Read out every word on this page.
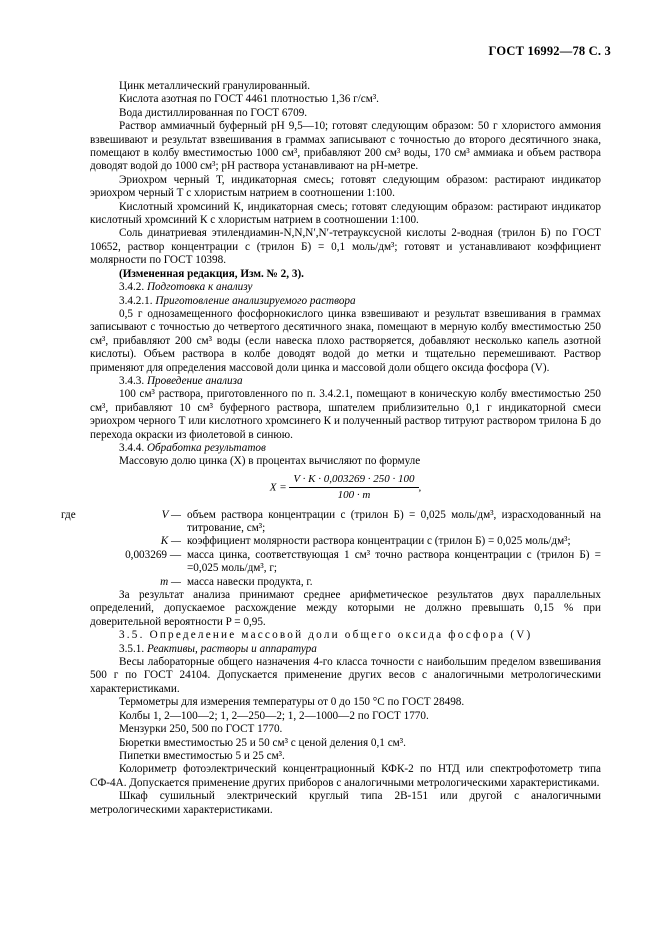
ГОСТ 16992—78 С. 3

Цинк металлический гранулированный.

Кислота азотная по ГОСТ 4461 плотностью 1,36 г/см³.

Вода дистиллированная по ГОСТ 6709.

Раствор аммиачный буферный рН 9,5—10; готовят следующим образом: 50 г хлористого аммония взвешивают и результат взвешивания в граммах записывают с точностью до второго десятичного знака, помещают в колбу вместимостью 1000 см³, прибавляют 200 см³ воды, 170 см³ аммиака и объем раствора доводят водой до 1000 см³; рН раствора устанавливают на рН-метре.

Эриохром черный Т, индикаторная смесь; готовят следующим образом: растирают индикатор эриохром черный Т с хлористым натрием в соотношении 1:100.

Кислотный хромсиний К, индикаторная смесь; готовят следующим образом: растирают индикатор кислотный хромсиний К с хлористым натрием в соотношении 1:100.

Соль динатриевая этилендиамин-N,N,N′,N′-тетрауксусной кислоты 2-водная (трилон Б) по ГОСТ 10652, раствор концентрации c (трилон Б) = 0,1 моль/дм³; готовят и устанавливают коэффициент молярности по ГОСТ 10398.

(Измененная редакция, Изм. № 2, 3).

3.4.2. Подготовка к анализу

3.4.2.1. Приготовление анализируемого раствора

0,5 г однозамещенного фосфорнокислого цинка взвешивают и результат взвешивания в граммах записывают с точностью до четвертого десятичного знака, помещают в мерную колбу вместимостью 250 см³, прибавляют 200 см³ воды (если навеска плохо растворяется, добавляют несколько капель азотной кислоты). Объем раствора в колбе доводят водой до метки и тщательно перемешивают. Раствор применяют для определения массовой доли цинка и массовой доли общего оксида фосфора (V).

3.4.3. Проведение анализа

100 см³ раствора, приготовленного по п. 3.4.2.1, помещают в коническую колбу вместимостью 250 см³, прибавляют 10 см³ буферного раствора, шпателем приблизительно 0,1 г индикаторной смеси эриохром черного Т или кислотного хромсинего К и полученный раствор титруют раствором трилона Б до перехода окраски из фиолетовой в синюю.

3.4.4. Обработка результатов

Массовую долю цинка (X) в процентах вычисляют по формуле

$X = \frac{V \cdot K \cdot 0,003269 \cdot 250 \cdot 100}{100 \cdot m}$ ,
где	V — объем раствора концентрации c (трилон Б) = 0,025 моль/дм³, израсходованный на титрование, см³;
K — коэффициент молярности раствора концентрации c (трилон Б) = 0,025 моль/дм³;
0,003269 — масса цинка, соответствующая 1 см³ точно раствора концентрации c (трилон Б) = =0,025 моль/дм³, г;
m — масса навески продукта, г.

За результат анализа принимают среднее арифметическое результатов двух параллельных определений, допускаемое расхождение между которыми не должно превышать 0,15 % при доверительной вероятности P = 0,95.

3.5. Определение массовой доли общего оксида фосфора (V)

3.5.1. Реактивы, растворы и аппаратура

Весы лабораторные общего назначения 4-го класса точности с наибольшим пределом взвешивания 500 г по ГОСТ 24104. Допускается применение других весов с аналогичными метрологическими характеристиками.

Термометры для измерения температуры от 0 до 150 °С по ГОСТ 28498.

Колбы 1, 2—100—2; 1, 2—250—2; 1, 2—1000—2 по ГОСТ 1770.

Мензурки 250, 500 по ГОСТ 1770.

Бюретки вместимостью 25 и 50 см³ с ценой деления 0,1 см³.

Пипетки вместимостью 5 и 25 см³.

Колориметр фотоэлектрический концентрационный КФК-2 по НТД или спектрофотометр типа СФ-4А. Допускается применение других приборов с аналогичными метрологическими характеристиками.

Шкаф сушильный электрический круглый типа 2В-151 или другой с аналогичными метрологическими характеристиками.
